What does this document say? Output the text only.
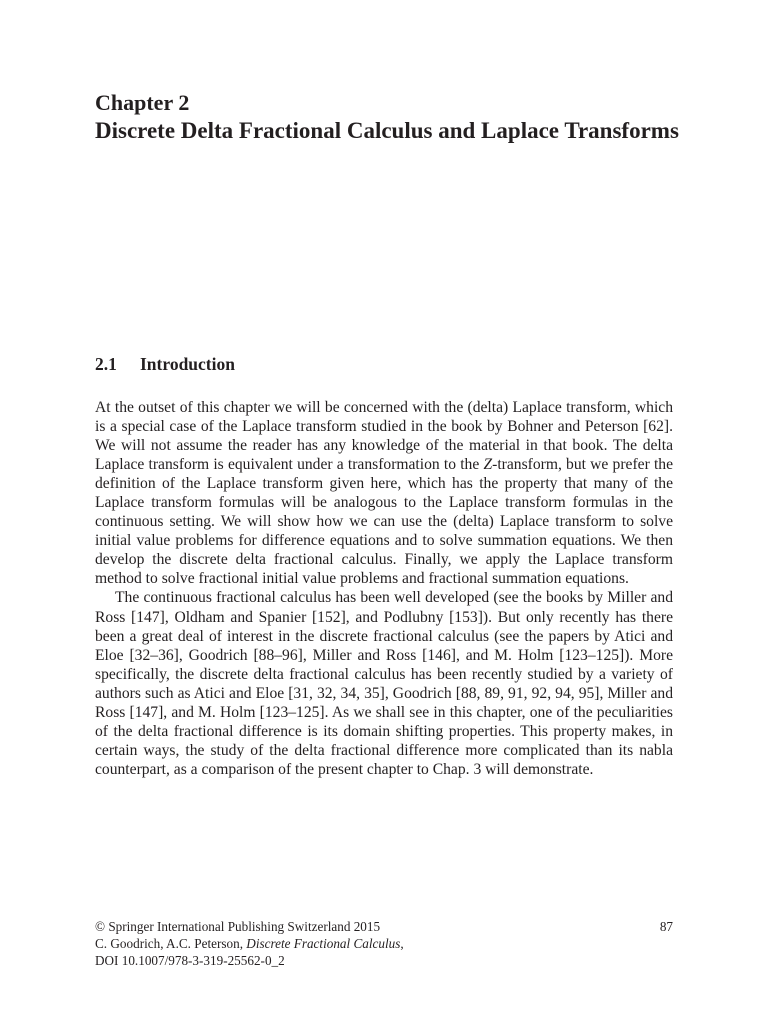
Chapter 2
Discrete Delta Fractional Calculus and Laplace Transforms
2.1 Introduction

At the outset of this chapter we will be concerned with the (delta) Laplace transform, which is a special case of the Laplace transform studied in the book by Bohner and Peterson [62]. We will not assume the reader has any knowledge of the material in that book. The delta Laplace transform is equivalent under a transformation to the Z-transform, but we prefer the definition of the Laplace transform given here, which has the property that many of the Laplace transform formulas will be analogous to the Laplace transform formulas in the continuous setting. We will show how we can use the (delta) Laplace transform to solve initial value problems for difference equations and to solve summation equations. We then develop the discrete delta fractional calculus. Finally, we apply the Laplace transform method to solve fractional initial value problems and fractional summation equations.

The continuous fractional calculus has been well developed (see the books by Miller and Ross [147], Oldham and Spanier [152], and Podlubny [153]). But only recently has there been a great deal of interest in the discrete fractional calculus (see the papers by Atici and Eloe [32–36], Goodrich [88–96], Miller and Ross [146], and M. Holm [123–125]). More specifically, the discrete delta fractional calculus has been recently studied by a variety of authors such as Atici and Eloe [31, 32, 34, 35], Goodrich [88, 89, 91, 92, 94, 95], Miller and Ross [147], and M. Holm [123–125]. As we shall see in this chapter, one of the peculiarities of the delta fractional difference is its domain shifting properties. This property makes, in certain ways, the study of the delta fractional difference more complicated than its nabla counterpart, as a comparison of the present chapter to Chap. 3 will demonstrate.

© Springer International Publishing Switzerland 2015
C. Goodrich, A.C. Peterson, Discrete Fractional Calculus,
DOI 10.1007/978-3-319-25562-0_2
87
